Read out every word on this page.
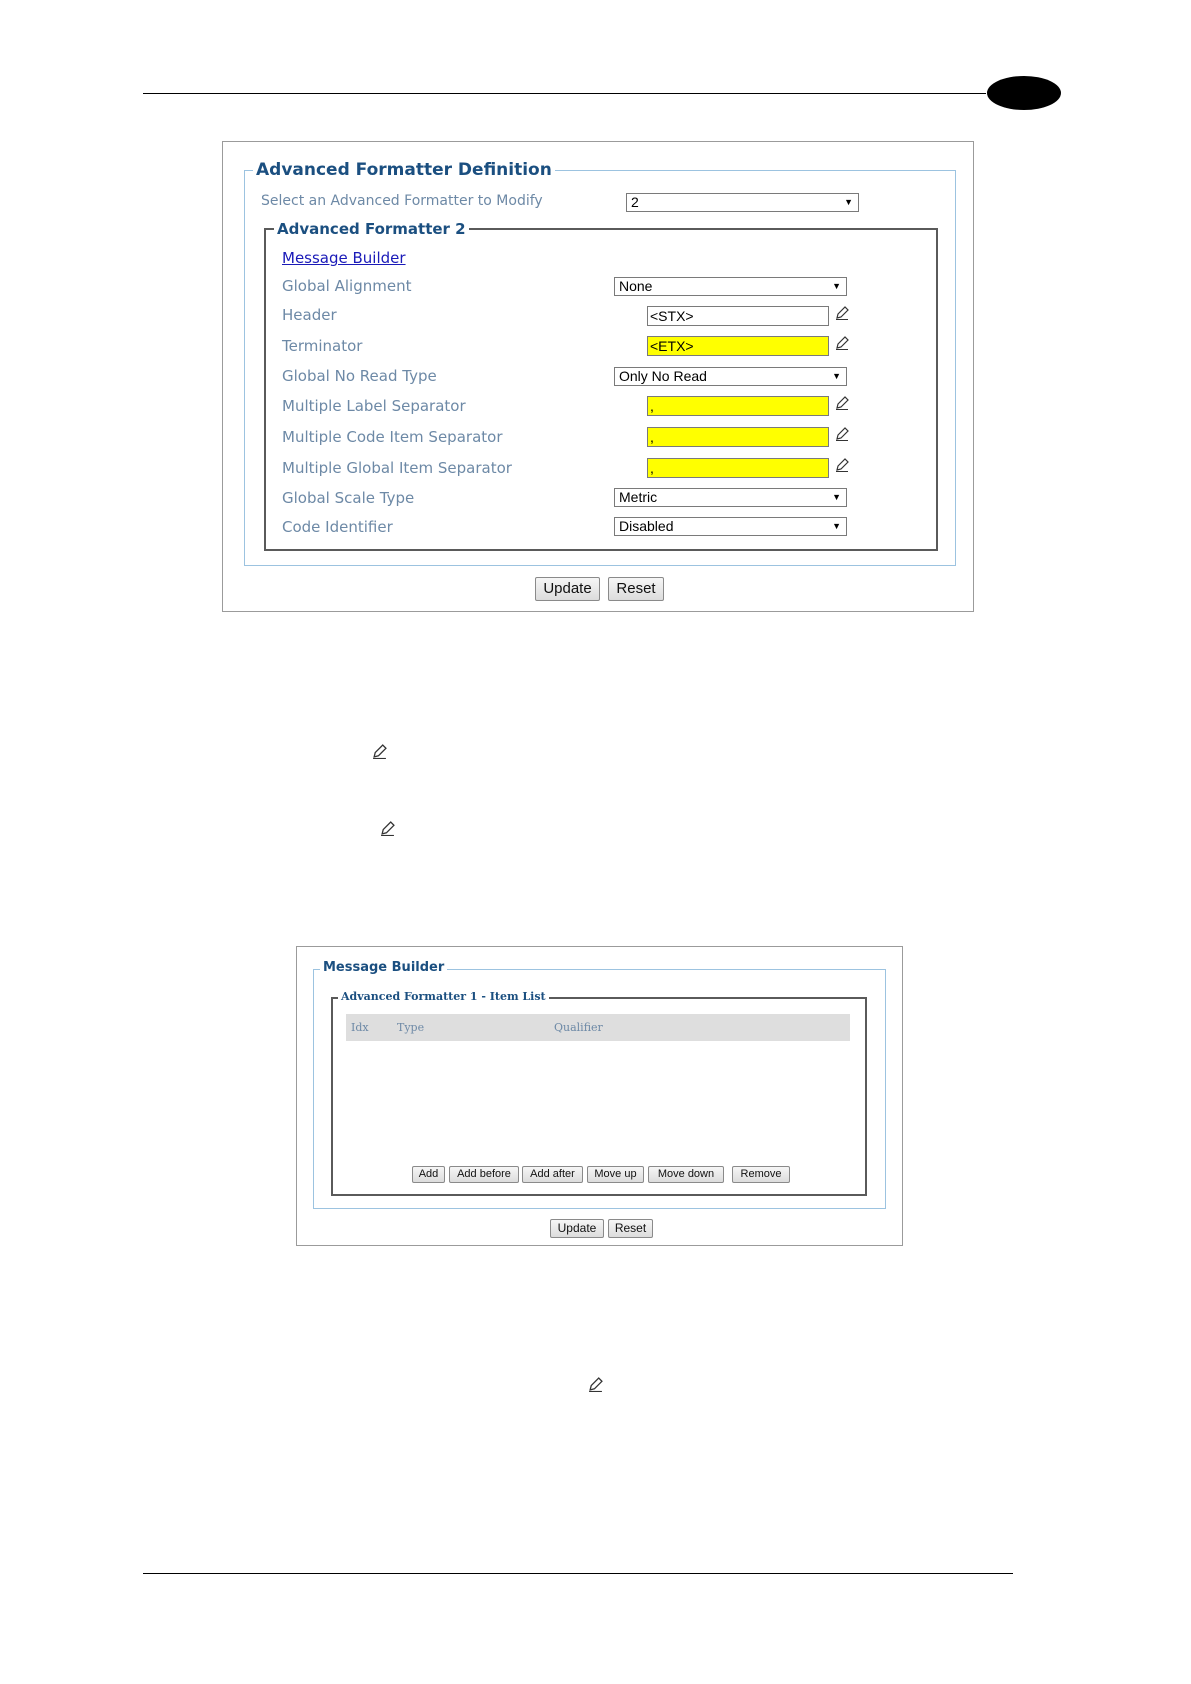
Advanced Formatter Definition
Select an Advanced Formatter to Modify	2	▼
Advanced Formatter 2
Message Builder
Global Alignment	None	▼
Header	<STX>
Terminator	<ETX>
Global No Read Type	Only No Read	▼
Multiple Label Separator	,
Multiple Code Item Separator	,
Multiple Global Item Separator	,
Global Scale Type	Metric	▼
Code Identifier	Disabled	▼
Update	Reset
Message Builder
Advanced Formatter 1 - Item List
Idx	Type	Qualifier
Add	Add before	Add after	Move up	Move down	Remove
Update	Reset
